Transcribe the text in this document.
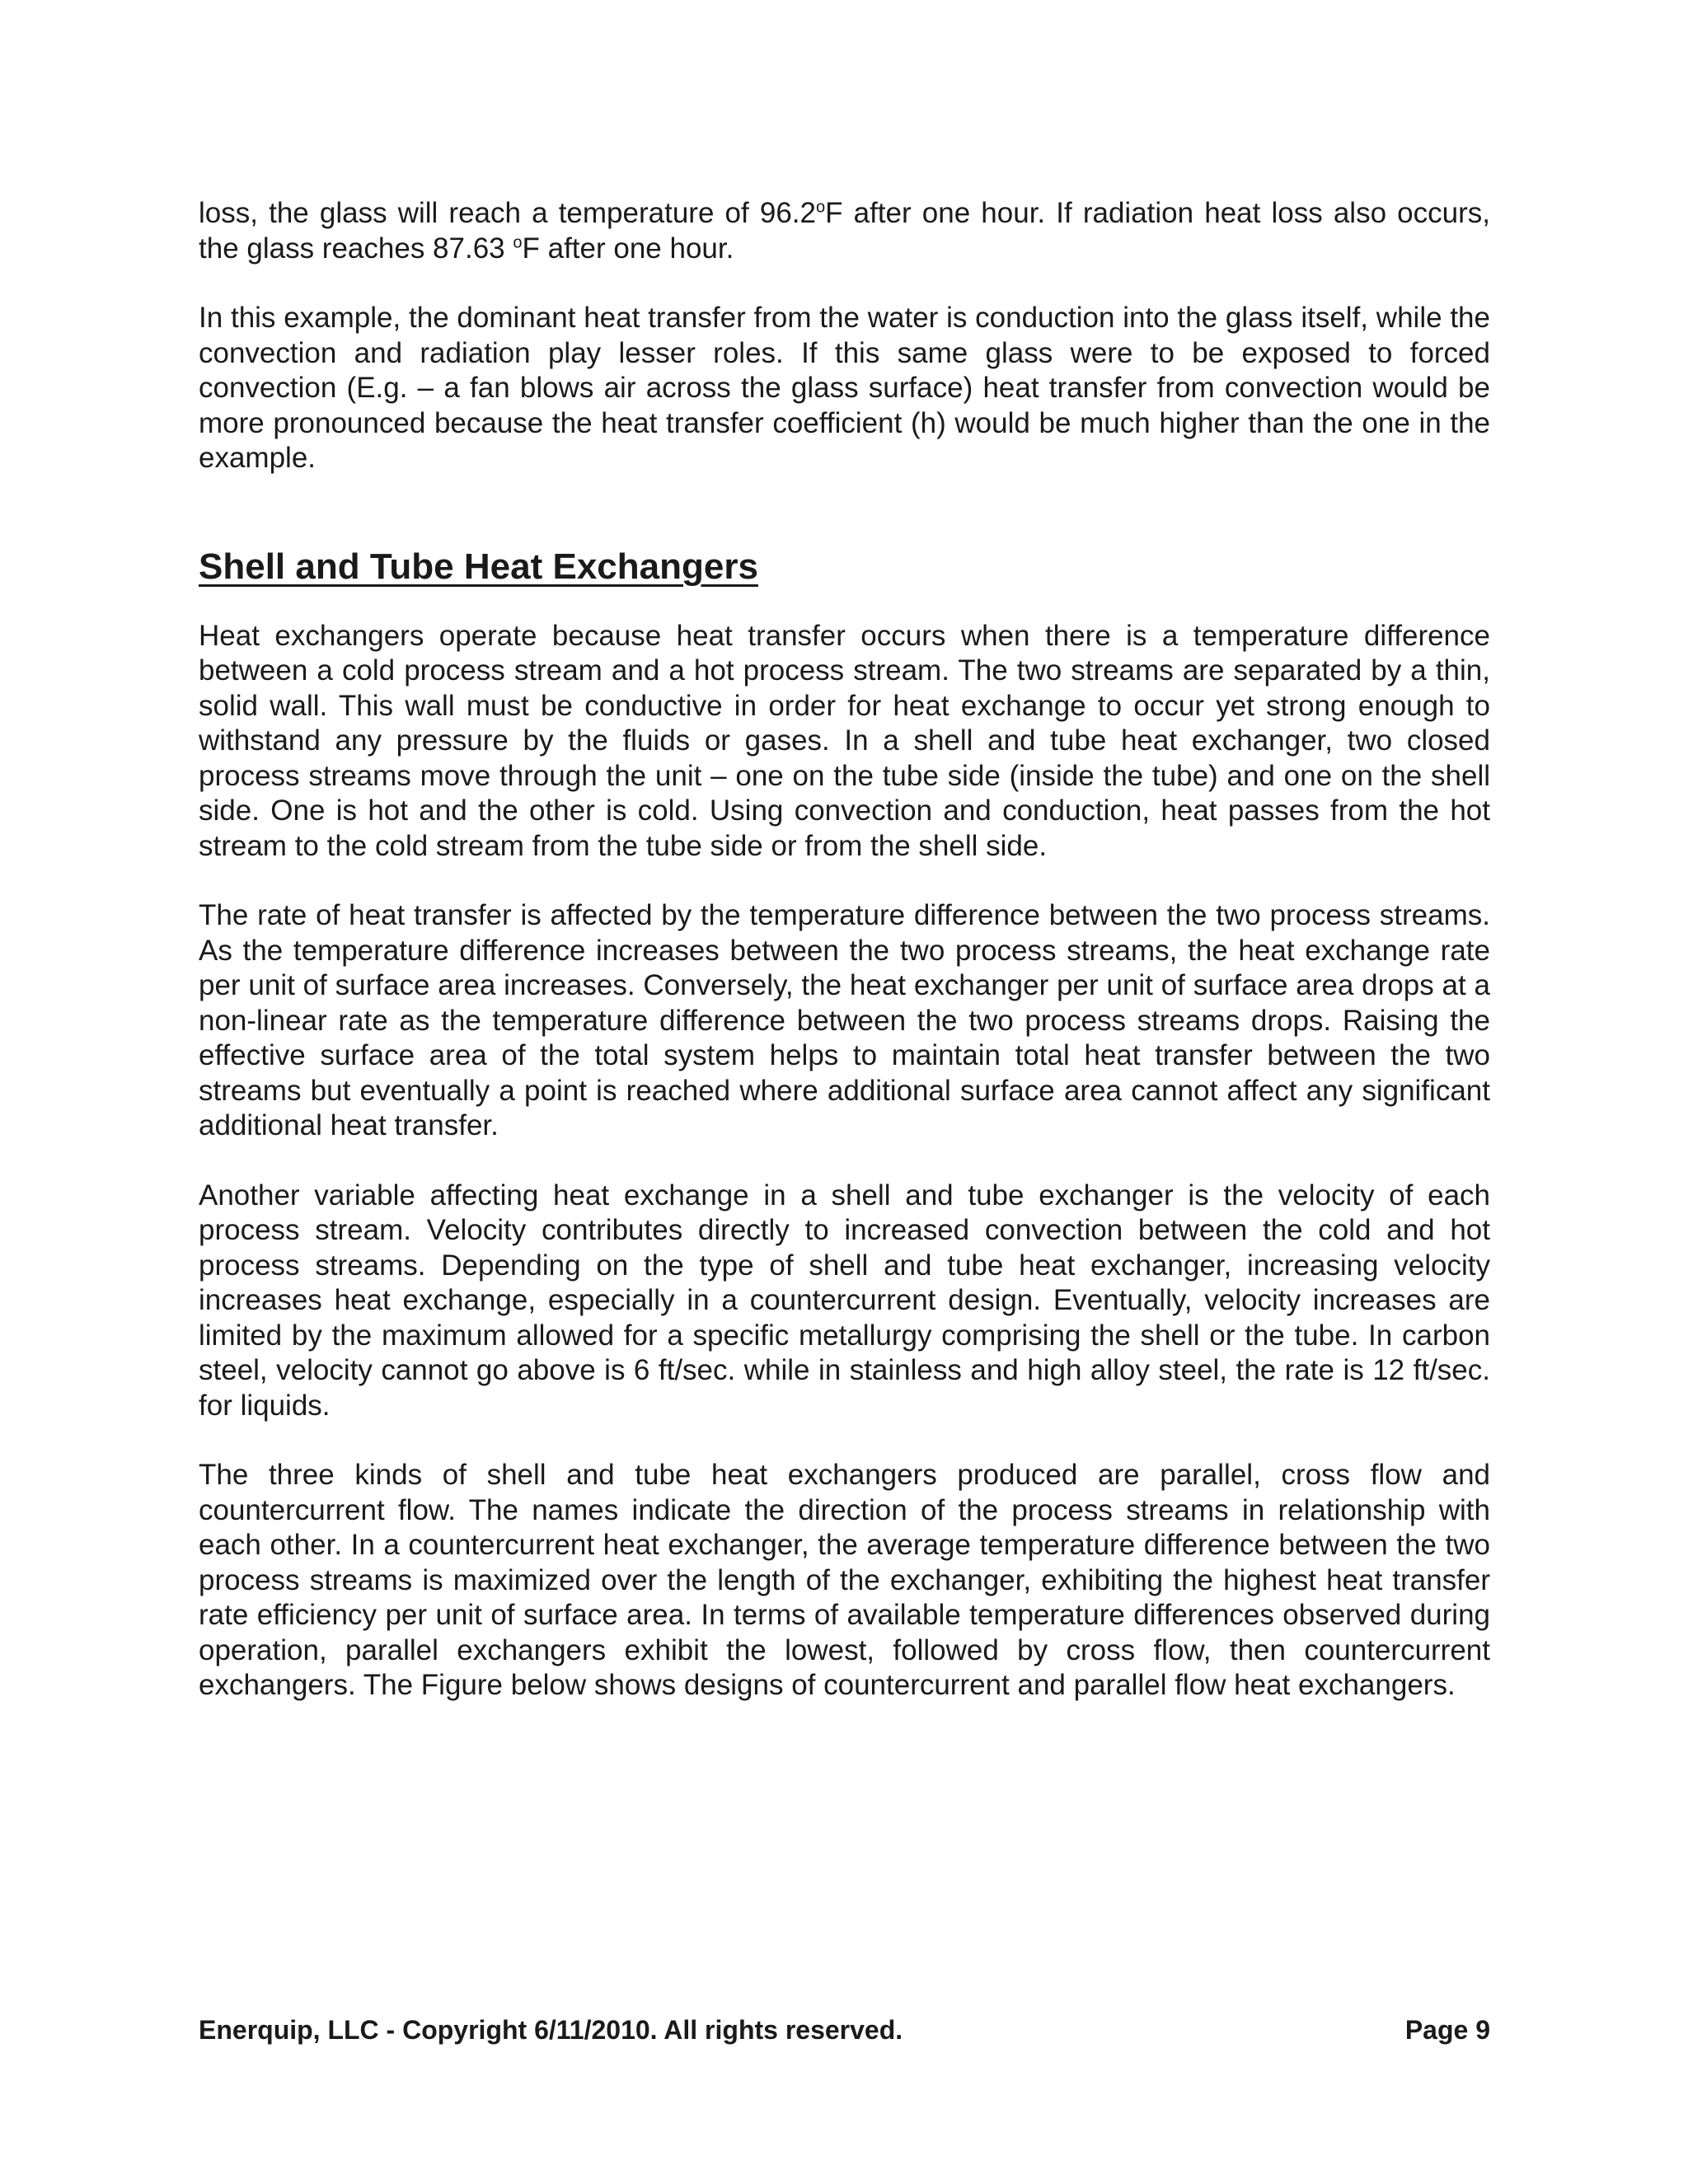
loss, the glass will reach a temperature of 96.2$^o$F after one hour. If radiation heat loss also occurs, the glass reaches 87.63 $^o$F after one hour.

In this example, the dominant heat transfer from the water is conduction into the glass itself, while the convection and radiation play lesser roles. If this same glass were to be exposed to forced convection (E.g. – a fan blows air across the glass surface) heat transfer from convection would be more pronounced because the heat transfer coefficient (h) would be much higher than the one in the example.

Shell and Tube Heat Exchangers

Heat exchangers operate because heat transfer occurs when there is a temperature difference between a cold process stream and a hot process stream. The two streams are separated by a thin, solid wall. This wall must be conductive in order for heat exchange to occur yet strong enough to withstand any pressure by the fluids or gases. In a shell and tube heat exchanger, two closed process streams move through the unit – one on the tube side (inside the tube) and one on the shell side. One is hot and the other is cold. Using convection and conduction, heat passes from the hot stream to the cold stream from the tube side or from the shell side.

The rate of heat transfer is affected by the temperature difference between the two process streams. As the temperature difference increases between the two process streams, the heat exchange rate per unit of surface area increases. Conversely, the heat exchanger per unit of surface area drops at a non-linear rate as the temperature difference between the two process streams drops. Raising the effective surface area of the total system helps to maintain total heat transfer between the two streams but eventually a point is reached where additional surface area cannot affect any significant additional heat transfer.

Another variable affecting heat exchange in a shell and tube exchanger is the velocity of each process stream. Velocity contributes directly to increased convection between the cold and hot process streams. Depending on the type of shell and tube heat exchanger, increasing velocity increases heat exchange, especially in a countercurrent design. Eventually, velocity increases are limited by the maximum allowed for a specific metallurgy comprising the shell or the tube. In carbon steel, velocity cannot go above is 6 ft/sec. while in stainless and high alloy steel, the rate is 12 ft/sec. for liquids.

The three kinds of shell and tube heat exchangers produced are parallel, cross flow and countercurrent flow. The names indicate the direction of the process streams in relationship with each other. In a countercurrent heat exchanger, the average temperature difference between the two process streams is maximized over the length of the exchanger, exhibiting the highest heat transfer rate efficiency per unit of surface area. In terms of available temperature differences observed during operation, parallel exchangers exhibit the lowest, followed by cross flow, then countercurrent exchangers. The Figure below shows designs of countercurrent and parallel flow heat exchangers.

Enerquip, LLC - Copyright 6/11/2010. All rights reserved.	Page 9
